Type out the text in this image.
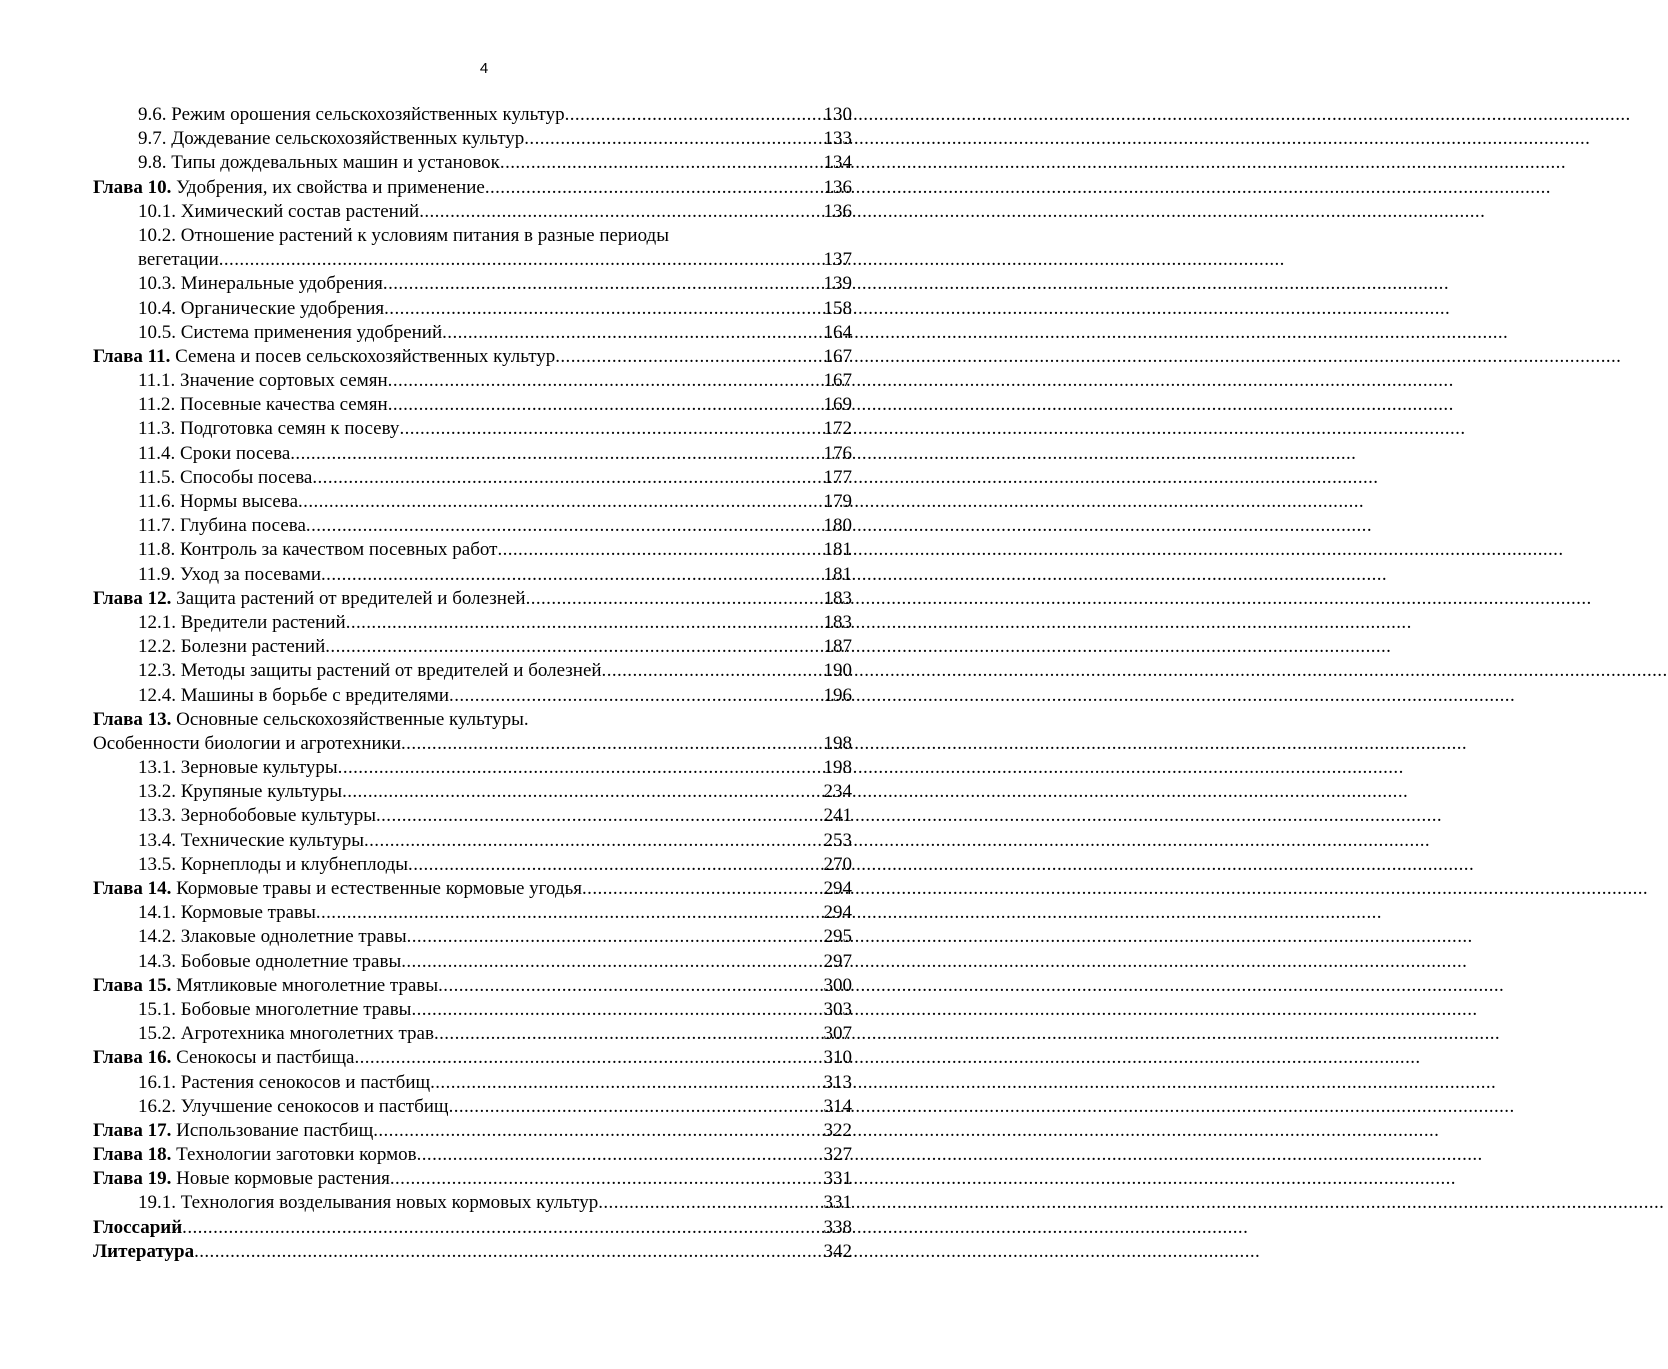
4
9.6. Режим орошения сельскохозяйственных культур .....	130
9.7. Дождевание сельскохозяйственных культур .....	133
9.8. Типы дождевальных машин и установок .....	134
Глава 10. Удобрения, их свойства и применение .....	136
10.1. Химический состав растений .....	136
10.2. Отношение растений к условиям питания в разные периоды
вегетации .....	137
10.3. Минеральные удобрения .....	139
10.4. Органические удобрения .....	158
10.5. Система применения удобрений .....	164
Глава 11. Семена и посев сельскохозяйственных культур .....	167
11.1. Значение сортовых семян .....	167
11.2. Посевные качества семян .....	169
11.3. Подготовка семян к посеву .....	172
11.4. Сроки посева .....	176
11.5. Способы посева .....	177
11.6. Нормы высева .....	179
11.7. Глубина посева .....	180
11.8. Контроль за качеством посевных работ .....	181
11.9. Уход за посевами .....	181
Глава 12. Защита растений от вредителей и болезней .....	183
12.1. Вредители растений .....	183
12.2. Болезни растений .....	187
12.3. Методы защиты растений от вредителей и болезней .....	190
12.4. Машины в борьбе с вредителями .....	196
Глава 13. Основные сельскохозяйственные культуры.
Особенности биологии и агротехники .....	198
13.1. Зерновые культуры .....	198
13.2. Крупяные культуры .....	234
13.3. Зернобобовые культуры .....	241
13.4. Технические культуры .....	253
13.5. Корнеплоды и клубнеплоды .....	270
Глава 14. Кормовые травы и естественные кормовые угодья .....	294
14.1. Кормовые травы .....	294
14.2. Злаковые однолетние травы .....	295
14.3. Бобовые однолетние травы .....	297
Глава 15. Мятликовые многолетние травы .....	300
15.1. Бобовые многолетние травы .....	303
15.2. Агротехника многолетних трав .....	307
Глава 16. Сенокосы и пастбища .....	310
16.1. Растения сенокосов и пастбищ .....	313
16.2. Улучшение сенокосов и пастбищ .....	314
Глава 17. Использование пастбищ .....	322
Глава 18. Технологии заготовки кормов .....	327
Глава 19. Новые кормовые растения .....	331
19.1. Технология возделывания новых кормовых культур .....	331
Глоссарий .....	338
Литература .....	342
